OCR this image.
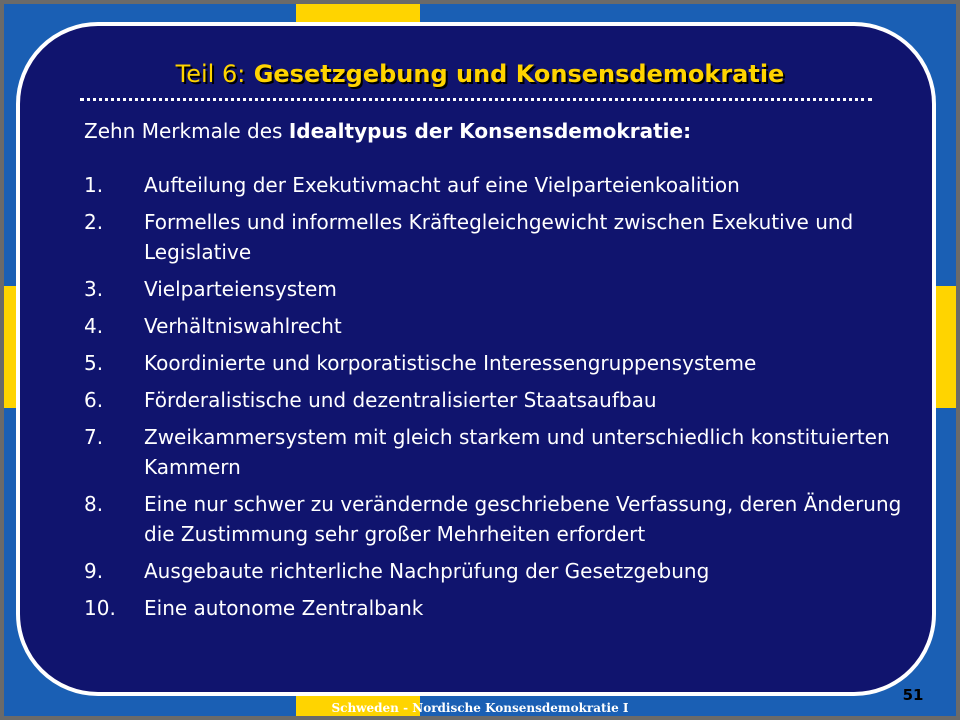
Teil 6: Gesetzgebung und Konsensdemokratie
Zehn Merkmale des Idealtypus der Konsensdemokratie:
1.	Aufteilung der Exekutivmacht auf eine Vielparteienkoalition
2.	Formelles und informelles Kräftegleichgewicht zwischen Exekutive und Legislative
3.	Vielparteiensystem
4.	Verhältniswahlrecht
5.	Koordinierte und korporatistische Interessengruppensysteme
6.	Förderalistische und dezentralisierter Staatsaufbau
7.	Zweikammersystem mit gleich starkem und unterschiedlich konstituierten Kammern
8.	Eine nur schwer zu verändernde geschriebene Verfassung, deren Änderung die Zustimmung sehr großer Mehrheiten erfordert
9.	Ausgebaute richterliche Nachprüfung der Gesetzgebung
10.	Eine autonome Zentralbank
Schweden - Nordische Konsensdemokratie I
51
